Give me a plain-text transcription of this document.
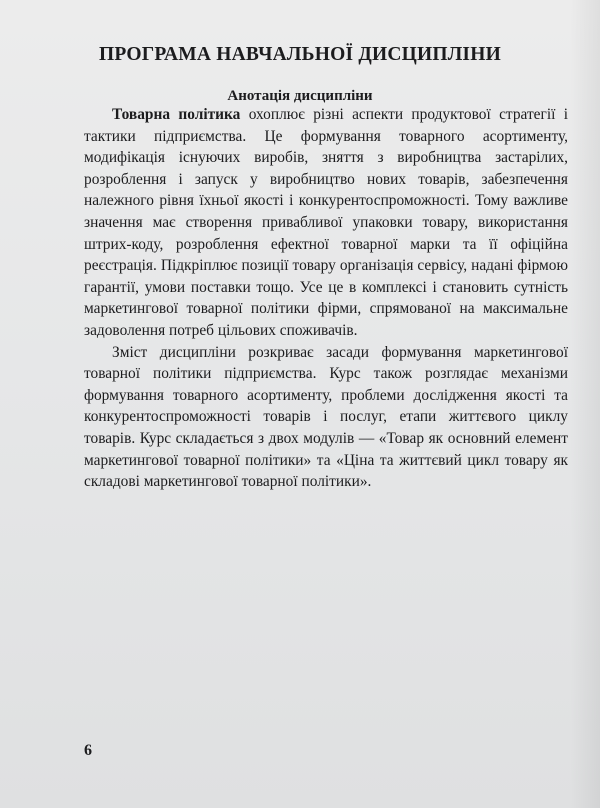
ПРОГРАМА НАВЧАЛЬНОЇ ДИСЦИПЛІНИ
Анотація дисципліни

Товарна політика охоплює різні аспекти продуктової стратегії і тактики підприємства. Це формування товарного асортименту, модифікація існуючих виробів, зняття з виробництва застарілих, розроблення і запуск у виробництво нових товарів, забезпечення належного рівня їхньої якості і конкурентоспроможності. Тому важливе значення має створення привабливої упаковки товару, використання штрих-коду, розроблення ефектної товарної марки та її офіційна реєстрація. Підкріплює позиції товару організація сервісу, надані фірмою гарантії, умови поставки тощо. Усе це в комплексі і становить сутність маркетингової товарної політики фірми, спрямованої на максимальне задоволення потреб цільових споживачів.

Зміст дисципліни розкриває засади формування маркетингової товарної політики підприємства. Курс також розглядає механізми формування товарного асортименту, проблеми дослідження якості та конкурентоспроможності товарів і послуг, етапи життєвого циклу товарів. Курс складається з двох модулів — «Товар як основний елемент маркетингової товарної політики» та «Ціна та життєвий цикл товару як складові маркетингової товарної політики».

6
